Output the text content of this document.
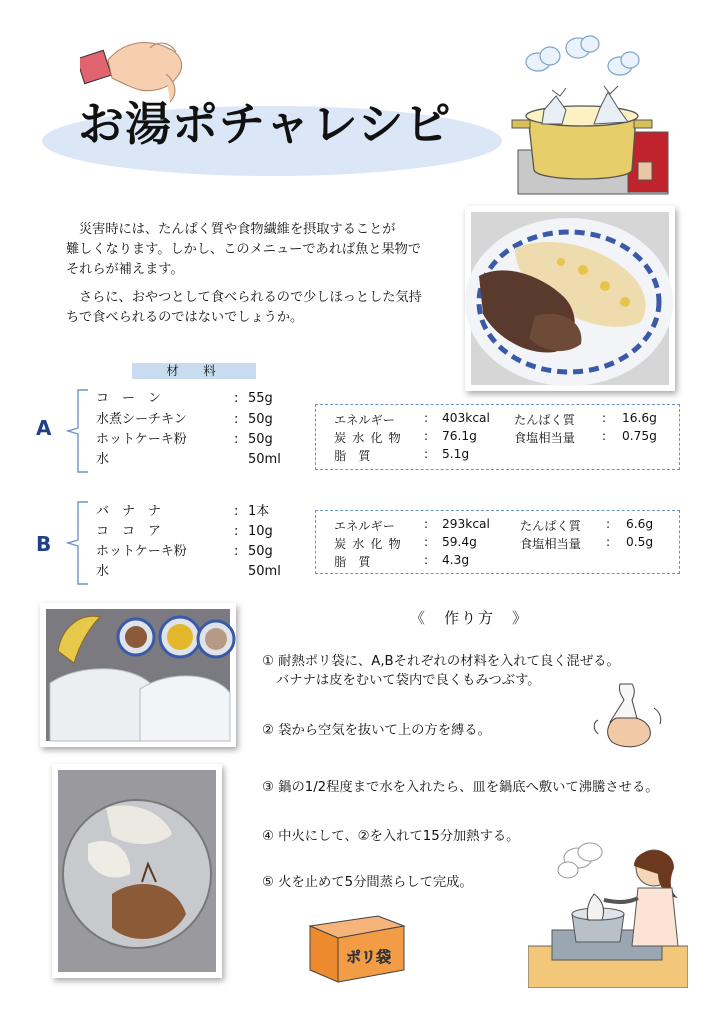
お湯ポチャレシピ
災害時には、たんぱく質や食物繊維を摂取することが
難しくなります。しかし、このメニューであれば魚と果物で
それらが補えます。
さらに、おやつとして食べられるので少しほっとした気持
ちで食べられるのではないでしょうか。
材　料
A
コ　ー　ン	: 55g
水煮シーチキン	: 50g
ホットケーキ粉	: 50g
水	50ml
エネルギー : 403kcal たんぱく質 : 16.6g
炭水化物 : 76.1g	食塩相当量 : 0.75g
脂　質	: 5.1g
B
バ　ナ　ナ	: 1本
コ　コ　ア	: 10g
ホットケーキ粉	: 50g
水	50ml
エネルギー : 293kcal たんぱく質 : 6.6g
炭水化物 : 59.4g	食塩相当量 : 0.5g
脂　質	: 4.3g
《　作り方　》
① 耐熱ポリ袋に、A,Bそれぞれの材料を入れて良く混ぜる。
バナナは皮をむいて袋内で良くもみつぶす。
② 袋から空気を抜いて上の方を縛る。
③ 鍋の1/2程度まで水を入れたら、皿を鍋底へ敷いて沸騰させる。
④ 中火にして、②を入れて15分加熱する。
⑤ 火を止めて5分間蒸らして完成。
ポリ袋
